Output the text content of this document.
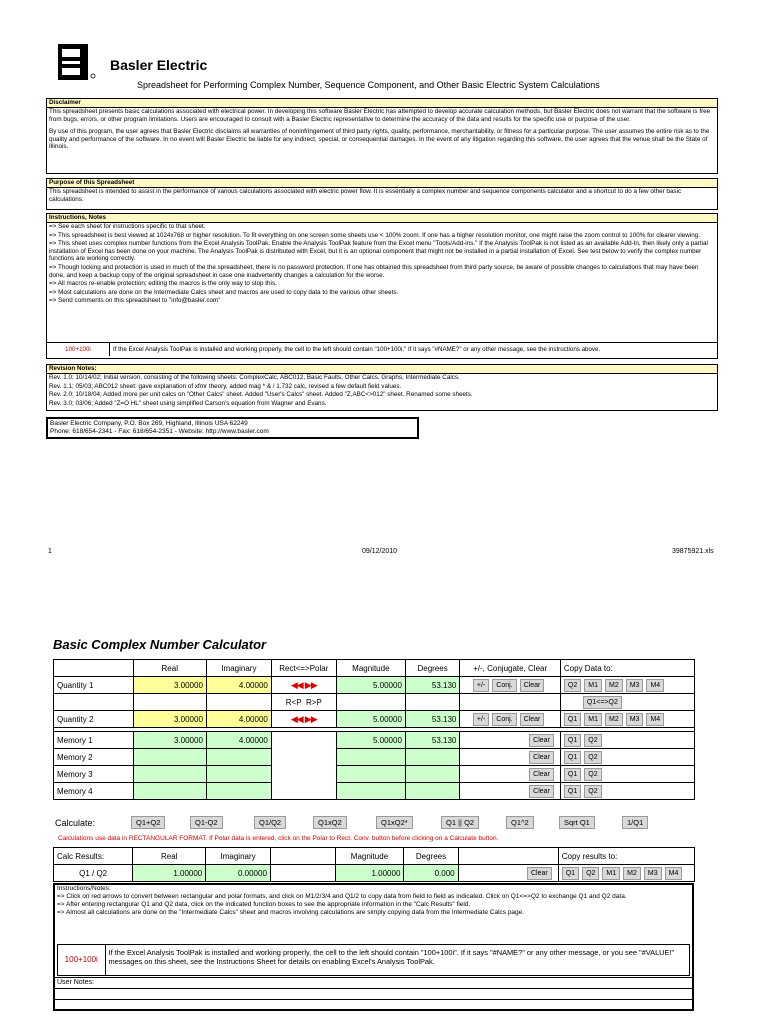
Basler Electric
Spreadsheet for Performing Complex Number, Sequence Component, and Other Basic Electric System Calculations
Disclaimer

This spreadsheet presents basic calculations associated with electrical power. In developing this software Basler Electric has attempted to develop accurate calculation methods, but Basler Electric does not warrant that the software is free from bugs, errors, or other program limitations. Users are encouraged to consult with a Basler Electric representative to determine the accuracy of the data and results for the specific use or purpose of the user.

By use of this program, the user agrees that Basler Electric disclaims all warranties of noninfringement of third party rights, quality, performance, merchantability, or fitness for a particular purpose. The user assumes the entire risk as to the quality and performance of the software. In no event will Basler Electric be liable for any indirect, special, or consequential damages. In the event of any litigation regarding this software, the user agrees that the venue shall be the State of Illinois.

Purpose of this Spreadsheet

This spreadsheet is intended to assist in the performance of various calculations associated with electric power flow. It is essentially a complex number and sequence components calculator and a shortcut to do a few other basic calculations.

Instructions, Notes

=> See each sheet for instructions specific to that sheet.

=> This spreadsheet is best viewed at 1024x768 or higher resolution. To fit everything on one screen some sheets use < 100% zoom. If one has a higher resolution monitor, one might raise the zoom control to 100% for clearer viewing.

=> This sheet uses complex number functions from the Excel Analysis ToolPak. Enable the Analysis ToolPak feature from the Excel menu "Tools/Add-ins." If the Analysis ToolPak is not listed as an available Add-In, then likely only a partial installation of Excel has been done on your machine. The Analysis ToolPak is distributed with Excel, but it is an optional component that might not be installed in a partial installation of Excel. See test below to verify the complex number functions are working correctly.

=> Though locking and protection is used in much of the the spreadsheet, there is no password protection. If one has obtained this spreadsheet from third party source, be aware of possible changes to calculations that may have been done, and keep a backup copy of the original spreadsheet in case one inadvertently changes a calculation for the worse.

=> All macros re-enable protection; editing the macros is the only way to stop this.

=> Most calculations are done on the Intermediate Calcs sheet and macros are used to copy data to the various other sheets.

=> Send comments on this spreadsheet to "info@basler.com"

100+100i	If the Excel Analysis ToolPak is installed and working properly, the cell to the left should contain "100+100i." If it says "#NAME?" or any other message, see the instructions above.
Revision Notes:

Rev. 1.0; 10/14/02; Initial version, consisting of the following sheets: ComplexCalc, ABC012, Basic Faults, Other Calcs, Graphs, Intermediate Calcs.

Rev. 1.1; 05/03; ABC012 sheet: gave explanation of xfmr theory, added mag * & / 1.732 calc, revised a few default field values.

Rev. 2.0; 10/18/04; Added more per unit calcs on "Other Calcs" sheet. Added "User's Calcs" sheet. Added "Z,ABC<>012" sheet. Renamed some sheets.

Rev. 3.0; 03/06; Added "Z=O HL" sheet using simplified Carson's equation from Wagner and Evans.

Basler Electric Company, P.O. Box 269, Highland, Illinois USA 62249
Phone: 618/654-2341 - Fax: 618/654-2351 - Website: http://www.basler.com
1	09/12/2010	39875921.xls
Basic Complex Number Calculator
	Real	Imaginary	Rect<=>Polar	Magnitude	Degrees	+/-, Conjugate, Clear	Copy Data to:
Quantity 1	3.00000	4.00000	◀◀ ▶▶	5.00000	53.130	+/- Conj. Clear	Q2 M1 M2 M3 M4
			R<P R>P				Q1<=>Q2
Quantity 2	3.00000	4.00000	◀◀ ▶▶	5.00000	53.130	+/- Conj. Clear	Q1 M1 M2 M3 M4

Memory 1	3.00000	4.00000		5.00000	53.130	Clear	Q1 Q2
Memory 2						Clear	Q1 Q2
Memory 3						Clear	Q1 Q2
Memory 4						Clear	Q1 Q2
Calculate:	Q1+Q2	Q1-Q2	Q1/Q2	Q1xQ2	Q1xQ2*	Q1 || Q2	Q1^2	Sqrt Q1	1/Q1
Calculations use data in RECTANGULAR FORMAT. If Polar data is entered, click on the Polar to Rect. Conv. button before clicking on a Calculate button.
Calc Results:	Real	Imaginary		Magnitude	Degrees		Copy results to:
Q1 / Q2	1.00000	0.00000		1.00000	0.000	Clear	Q1 Q2 M1 M2 M3 M4
Instructions/Notes:
=> Click on red arrows to convert between rectangular and polar formats, and click on M1/2/3/4 and Q1/2 to copy data from field to field as indicated. Click on Q1<=>Q2 to exchange Q1 and Q2 data.
=> After entering rectangular Q1 and Q2 data, click on the indicated function boxes to see the appropriate information in the "Calc Results" field.
=> Almost all calculations are done on the "Intermediate Calcs" sheet and macros involving calculations are simply copying data from the Intermediate Calcs page.
100+100i
If the Excel Analysis ToolPak is installed and working properly, the cell to the left should contain "100+100i". If it says "#NAME?" or any other message, or you see "#VALUE!" messages on this sheet, see the Instructions Sheet for details on enabling Excel's Analysis ToolPak.
User Notes:
